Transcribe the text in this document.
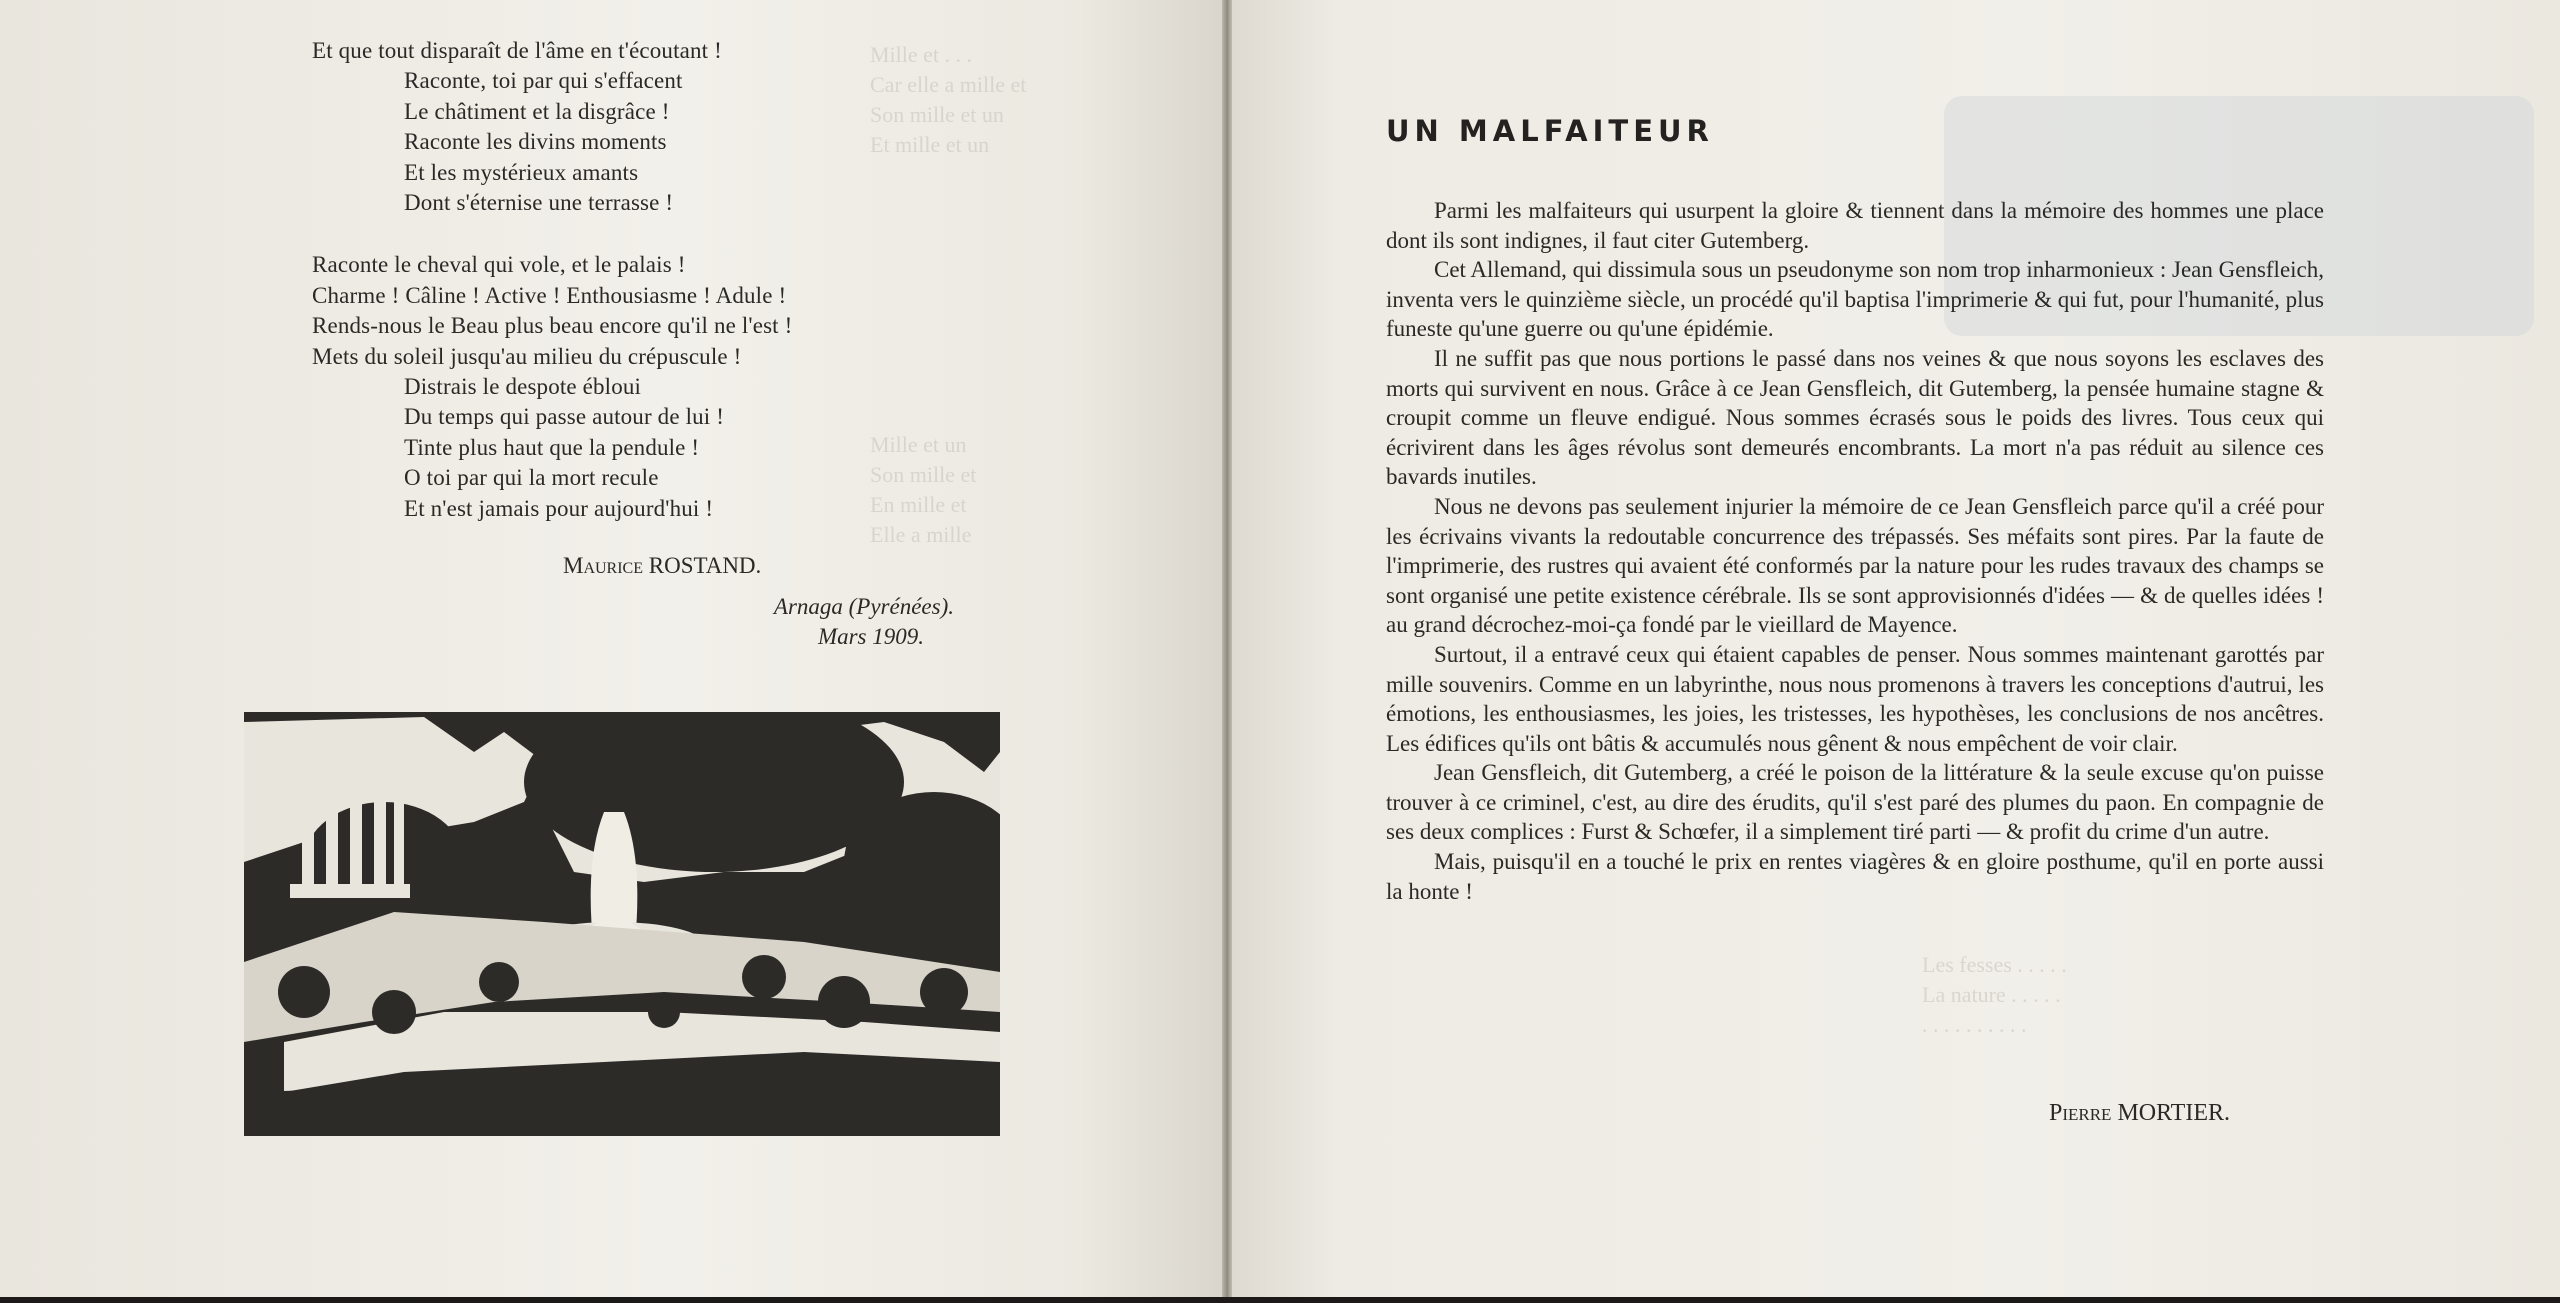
Mille et . . .
Car elle a mille et
Son mille et un
Et mille et un
Mille et un
Son mille et
En mille et
Elle a mille
Et que tout disparaît de l'âme en t'écoutant !
Raconte, toi par qui s'effacent
Le châtiment et la disgrâce !
Raconte les divins moments
Et les mystérieux amants
Dont s'éternise une terrasse !
Raconte le cheval qui vole, et le palais !
Charme ! Câline ! Active ! Enthousiasme ! Adule !
Rends-nous le Beau plus beau encore qu'il ne l'est !
Mets du soleil jusqu'au milieu du crépuscule !
Distrais le despote ébloui
Du temps qui passe autour de lui !
Tinte plus haut que la pendule !
O toi par qui la mort recule
Et n'est jamais pour aujourd'hui !
Maurice ROSTAND.
Arnaga (Pyrénées).
Mars 1909.
Les fesses . . . . .
La nature . . . . .
. . . . . . . . . .
UN MALFAITEUR

Parmi les malfaiteurs qui usurpent la gloire & tiennent dans la mémoire des hommes une place dont ils sont indignes, il faut citer Gutemberg.

Cet Allemand, qui dissimula sous un pseudonyme son nom trop inharmonieux : Jean Gensfleich, inventa vers le quinzième siècle, un procédé qu'il baptisa l'imprimerie & qui fut, pour l'humanité, plus funeste qu'une guerre ou qu'une épidémie.

Il ne suffit pas que nous portions le passé dans nos veines & que nous soyons les esclaves des morts qui survivent en nous. Grâce à ce Jean Gensfleich, dit Gutemberg, la pensée humaine stagne & croupit comme un fleuve endigué. Nous sommes écrasés sous le poids des livres. Tous ceux qui écrivirent dans les âges révolus sont demeurés encombrants. La mort n'a pas réduit au silence ces bavards inutiles.

Nous ne devons pas seulement injurier la mémoire de ce Jean Gensfleich parce qu'il a créé pour les écrivains vivants la redoutable concurrence des trépassés. Ses méfaits sont pires. Par la faute de l'imprimerie, des rustres qui avaient été conformés par la nature pour les rudes travaux des champs se sont organisé une petite existence cérébrale. Ils se sont approvisionnés d'idées — & de quelles idées ! au grand décrochez-moi-ça fondé par le vieillard de Mayence.

Surtout, il a entravé ceux qui étaient capables de penser. Nous sommes maintenant garottés par mille souvenirs. Comme en un labyrinthe, nous nous promenons à travers les conceptions d'autrui, les émotions, les enthousiasmes, les joies, les tristesses, les hypothèses, les conclusions de nos ancêtres. Les édifices qu'ils ont bâtis & accumulés nous gênent & nous empêchent de voir clair.

Jean Gensfleich, dit Gutemberg, a créé le poison de la littérature & la seule excuse qu'on puisse trouver à ce criminel, c'est, au dire des érudits, qu'il s'est paré des plumes du paon. En compagnie de ses deux complices : Furst & Schœfer, il a simplement tiré parti — & profit du crime d'un autre.

Mais, puisqu'il en a touché le prix en rentes viagères & en gloire posthume, qu'il en porte aussi la honte !

Pierre MORTIER.
